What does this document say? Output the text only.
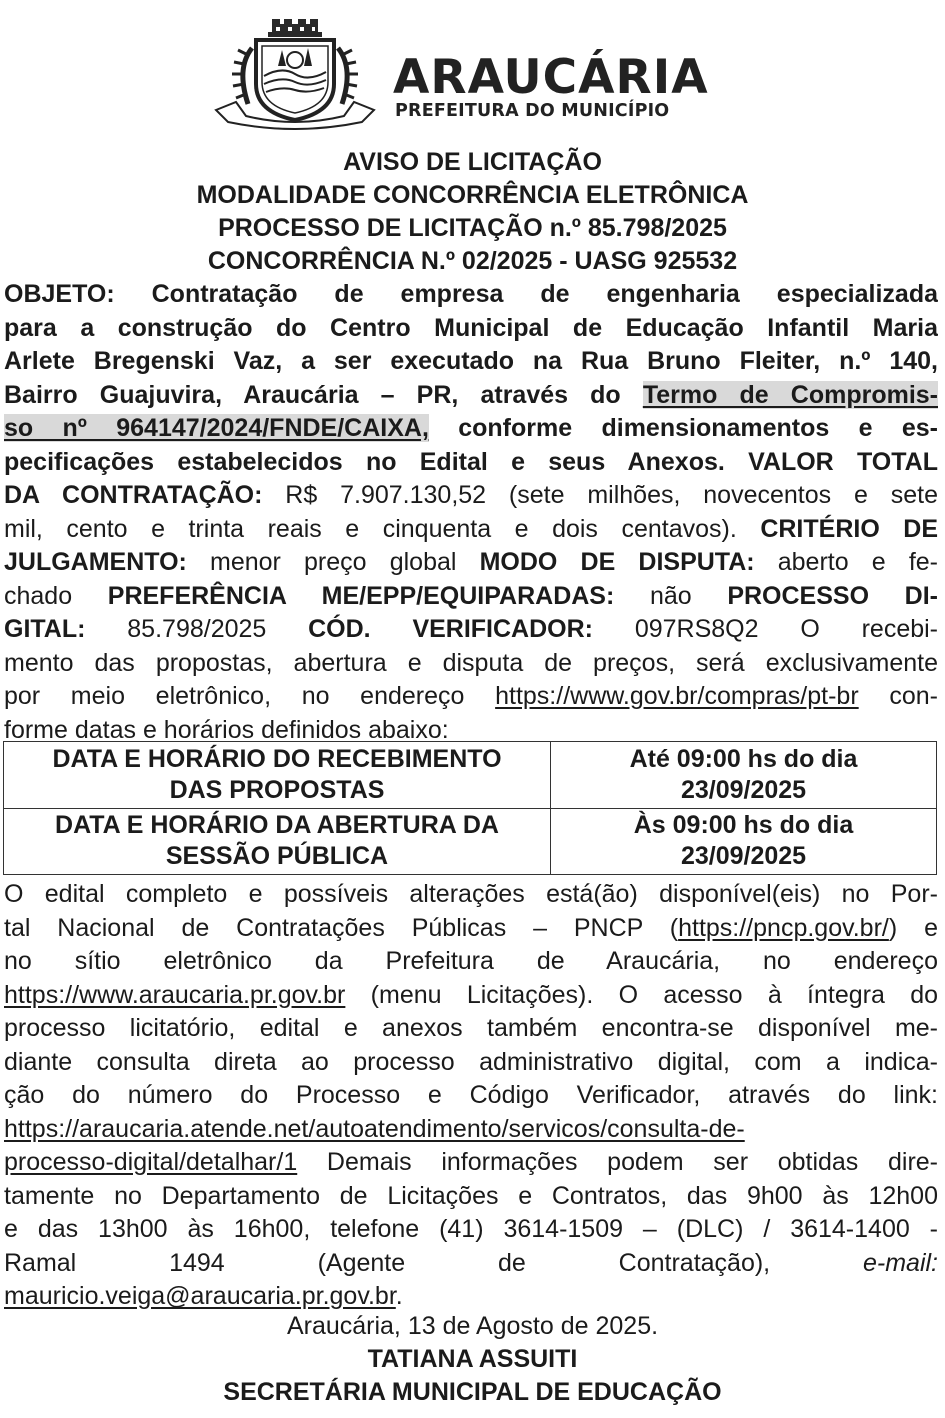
ARAUCÁRIA
PREFEITURA DO MUNICÍPIO
AVISO DE LICITAÇÃO
MODALIDADE CONCORRÊNCIA ELETRÔNICA
PROCESSO DE LICITAÇÃO n.º 85.798/2025
CONCORRÊNCIA N.º 02/2025 - UASG 925532
OBJETO: Contratação de empresa de engenharia especializada
para a construção do Centro Municipal de Educação Infantil Maria
Arlete Bregenski Vaz, a ser executado na Rua Bruno Fleiter, n.º 140,
Bairro Guajuvira, Araucária – PR, através do Termo de Compromis-
so nº 964147/2024/FNDE/CAIXA, conforme dimensionamentos e es-
pecificações estabelecidos no Edital e seus Anexos. VALOR TOTAL
DA CONTRATAÇÃO: R$ 7.907.130,52 (sete milhões, novecentos e sete
mil, cento e trinta reais e cinquenta e dois centavos). CRITÉRIO DE
JULGAMENTO: menor preço global MODO DE DISPUTA: aberto e fe-
chado PREFERÊNCIA ME/EPP/EQUIPARADAS: não PROCESSO DI-
GITAL: 85.798/2025 CÓD. VERIFICADOR: 097RS8Q2 O recebi-
mento das propostas, abertura e disputa de preços, será exclusivamente
por meio eletrônico, no endereço https://www.gov.br/compras/pt-br con-
forme datas e horários definidos abaixo:
DATA E HORÁRIO DO RECEBIMENTO
DAS PROPOSTAS	Até 09:00 hs do dia
23/09/2025
DATA E HORÁRIO DA ABERTURA DA
SESSÃO PÚBLICA	Às 09:00 hs do dia
23/09/2025
O edital completo e possíveis alterações está(ão) disponível(eis) no Por-
tal Nacional de Contratações Públicas – PNCP (https://pncp.gov.br/) e
no sítio eletrônico da Prefeitura de Araucária, no endereço
https://www.araucaria.pr.gov.br (menu Licitações). O acesso à íntegra do
processo licitatório, edital e anexos também encontra-se disponível me-
diante consulta direta ao processo administrativo digital, com a indica-
ção do número do Processo e Código Verificador, através do link:
https://araucaria.atende.net/autoatendimento/servicos/consulta-de-
processo-digital/detalhar/1 Demais informações podem ser obtidas dire-
tamente no Departamento de Licitações e Contratos, das 9h00 às 12h00
e das 13h00 às 16h00, telefone (41) 3614-1509 – (DLC) / 3614-1400 -
Ramal 1494 (Agente de Contratação), e-mail:
mauricio.veiga@araucaria.pr.gov.br.
Araucária, 13 de Agosto de 2025.
TATIANA ASSUITI
SECRETÁRIA MUNICIPAL DE EDUCAÇÃO
